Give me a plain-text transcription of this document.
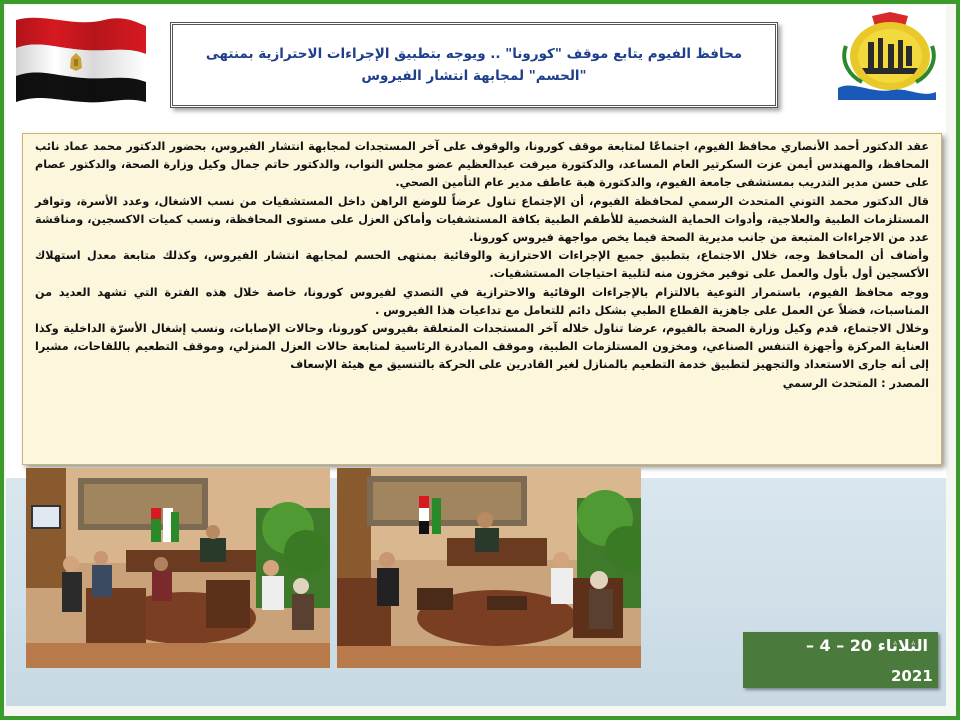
محافظ الفيوم يتابع موقف "كورونا" .. ويوجه بتطبيق الإجراءات الاحترازية بمنتهى "الحسم" لمجابهة انتشار الفيروس

عقد الدكتور أحمد الأنصاري محافظ الفيوم، اجتماعًا لمتابعة موقف كورونا، والوقوف على آخر المستجدات لمجابهة انتشار الفيروس، بحضور الدكتور محمد عماد نائب المحافظ، والمهندس أيمن عزت السكرتير العام المساعد، والدكتورة ميرفت عبدالعظيم عضو مجلس النواب، والدكتور حاتم جمال وكيل وزارة الصحة، والدكتور عصام على حسن مدير التدريب بمستشفى جامعة الفيوم، والدكتورة هبة عاطف مدير عام التأمين الصحي.

قال الدكتور محمد التوني المتحدث الرسمي لمحافظة الفيوم، أن الإجتماع تناول عرضاً للوضع الراهن داخل المستشفيات من نسب الاشغال، وعدد الأسرة، وتوافر المستلزمات الطبية والعلاجية، وأدوات الحماية الشخصية للأطقم الطبية بكافة المستشفيات وأماكن العزل على مستوى المحافظة، ونسب كميات الاكسجين، ومناقشة عدد من الاجراءات المتبعة من جانب مديرية الصحة فيما يخص مواجهة فيروس كورونا.

وأضاف أن المحافظ وجه، خلال الاجتماع، بتطبيق جميع الإجراءات الاحترازية والوقائية بمنتهى الحسم لمجابهة انتشار الفيروس، وكذلك متابعة معدل استهلاك الأكسجين أول بأول والعمل على توفير مخزون منه لتلبية احتياجات المستشفيات.

ووجه محافظ الفيوم، باستمرار التوعية بالالتزام بالإجراءات الوقائية والاحترازية في التصدي لفيروس كورونا، خاصة خلال هذه الفترة التي تشهد العديد من المناسبات، فضلاً عن العمل على جاهزية القطاع الطبي بشكل دائم للتعامل مع تداعيات هذا الفيروس .

وخلال الاجتماع، قدم وكيل وزارة الصحة بالفيوم، عرضا تناول خلاله آخر المستجدات المتعلقة بفيروس كورونا، وحالات الإصابات، ونسب إشغال الأسرّة الداخلية وكذا العناية المركزة وأجهزة التنفس الصناعي، ومخزون المستلزمات الطبية، وموقف المبادرة الرئاسية لمتابعة حالات العزل المنزلي، وموقف التطعيم باللقاحات، مشيرا إلى أنه جارى الاستعداد والتجهيز لتطبيق خدمة التطعيم بالمنازل لغير القادرين على الحركة بالتنسيق مع هيئة الإسعاف

المصدر : المتحدث الرسمي

الثلاثاء 20 – 4 –
2021
